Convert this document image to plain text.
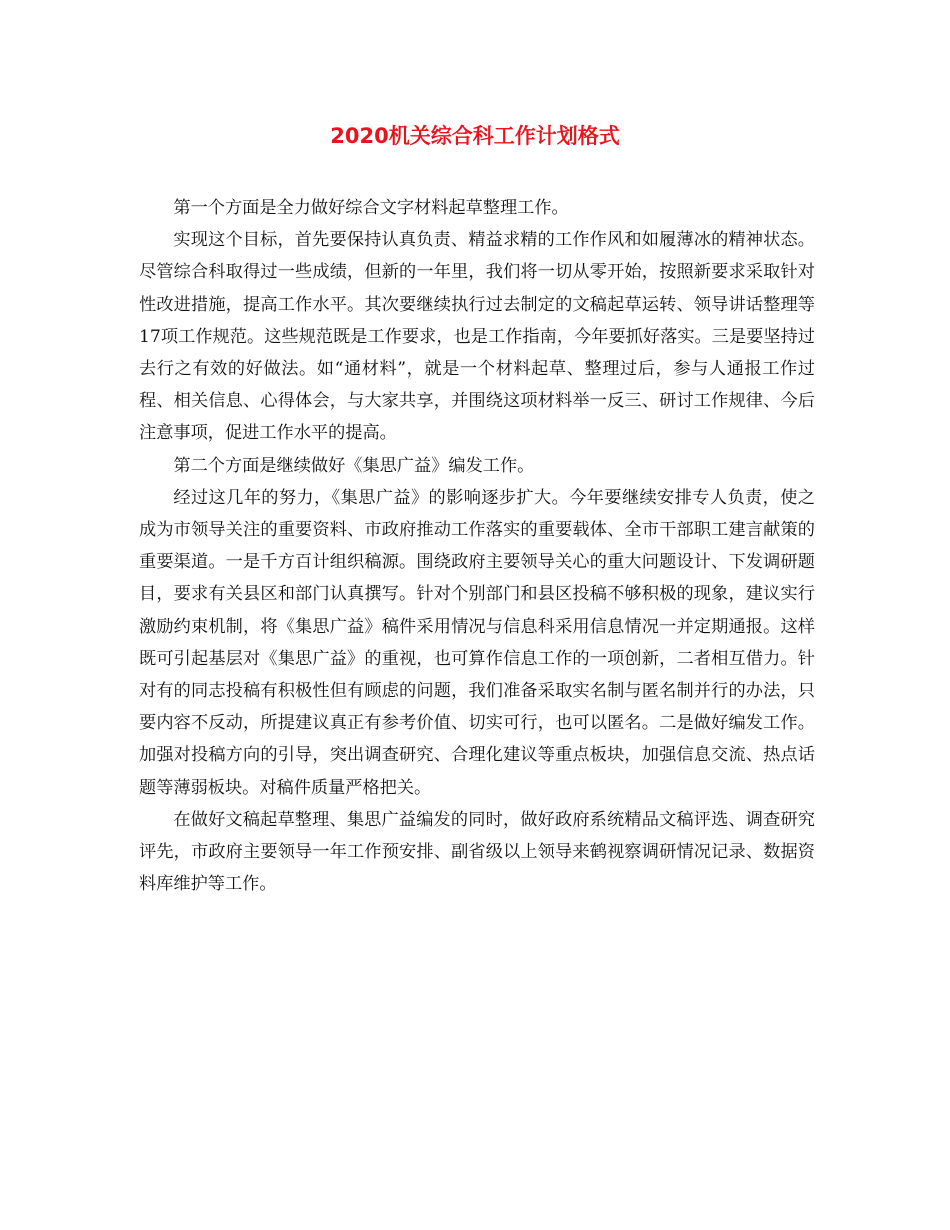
2020机关综合科工作计划格式

第一个方面是全力做好综合文字材料起草整理工作。

实现这个目标，首先要保持认真负责、精益求精的工作作风和如履薄冰的精神状态。尽管综合科取得过一些成绩，但新的一年里，我们将一切从零开始，按照新要求采取针对性改进措施，提高工作水平。其次要继续执行过去制定的文稿起草运转、领导讲话整理等17项工作规范。这些规范既是工作要求，也是工作指南，今年要抓好落实。三是要坚持过去行之有效的好做法。如“通材料”，就是一个材料起草、整理过后，参与人通报工作过程、相关信息、心得体会，与大家共享，并围绕这项材料举一反三、研讨工作规律、今后注意事项，促进工作水平的提高。

第二个方面是继续做好《集思广益》编发工作。

经过这几年的努力，《集思广益》的影响逐步扩大。今年要继续安排专人负责，使之成为市领导关注的重要资料、市政府推动工作落实的重要载体、全市干部职工建言献策的重要渠道。一是千方百计组织稿源。围绕政府主要领导关心的重大问题设计、下发调研题目，要求有关县区和部门认真撰写。针对个别部门和县区投稿不够积极的现象，建议实行激励约束机制，将《集思广益》稿件采用情况与信息科采用信息情况一并定期通报。这样既可引起基层对《集思广益》的重视，也可算作信息工作的一项创新，二者相互借力。针对有的同志投稿有积极性但有顾虑的问题，我们准备采取实名制与匿名制并行的办法，只要内容不反动，所提建议真正有参考价值、切实可行，也可以匿名。二是做好编发工作。加强对投稿方向的引导，突出调查研究、合理化建议等重点板块，加强信息交流、热点话题等薄弱板块。对稿件质量严格把关。

在做好文稿起草整理、集思广益编发的同时，做好政府系统精品文稿评选、调查研究评先，市政府主要领导一年工作预安排、副省级以上领导来鹤视察调研情况记录、数据资料库维护等工作。
